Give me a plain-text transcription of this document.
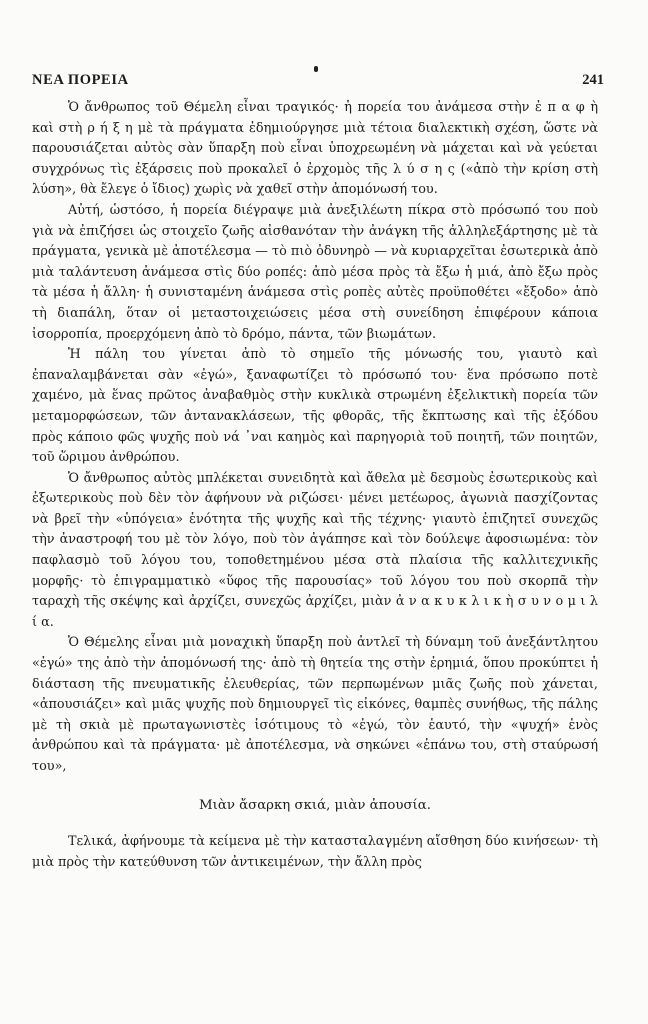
ΝΕΑ ΠΟΡΕΙΑ	241

Ὁ ἄνθρωπος τοῦ Θέμελη εἶναι τραγικός· ἡ πορεία του ἀνάμεσα στὴν ἐ π α φ ὴ καὶ στὴ ρ ή ξ η μὲ τὰ πράγματα ἐδημιούργησε μιὰ τέτοια διαλεκτικὴ σχέση, ὥστε νὰ παρουσιάζεται αὐτὸς σὰν ὕπαρξη ποὺ εἶναι ὑποχρεωμένη νὰ μάχεται καὶ νὰ γεύεται συγχρόνως τὶς ἐξάρσεις ποὺ προκαλεῖ ὁ ἐρχομὸς τῆς λ ύ σ η ς («ἀπὸ τὴν κρίση στὴ λύση», θὰ ἔλεγε ὁ ἴδιος) χωρὶς νὰ χαθεῖ στὴν ἀπομόνωσή του.

Αὐτή, ὡστόσο, ἡ πορεία διέγραψε μιὰ ἀνεξιλέωτη πίκρα στὸ πρόσωπό του ποὺ γιὰ νὰ ἐπιζήσει ὡς στοιχεῖο ζωῆς αἰσθανόταν τὴν ἀνάγκη τῆς ἀλληλεξάρτησης μὲ τὰ πράγματα, γενικὰ μὲ ἀποτέλεσμα — τὸ πιὸ ὀδυνηρὸ — νὰ κυριαρχεῖται ἐσωτερικὰ ἀπὸ μιὰ ταλάντευση ἀνάμεσα στὶς δύο ροπές: ἀπὸ μέσα πρὸς τὰ ἔξω ἡ μιά, ἀπὸ ἔξω πρὸς τὰ μέσα ἡ ἄλλη· ἡ συνισταμένη ἀνάμεσα στὶς ροπὲς αὐτὲς προϋποθέτει «ἔξοδο» ἀπὸ τὴ διαπάλη, ὅταν οἱ μεταστοιχειώσεις μέσα στὴ συνείδηση ἐπιφέρουν κάποια ἰσορροπία, προερχόμενη ἀπὸ τὸ δρόμο, πάντα, τῶν βιωμάτων.

Ἡ πάλη του γίνεται ἀπὸ τὸ σημεῖο τῆς μόνωσής του, γιαυτὸ καὶ ἐπαναλαμβάνεται σὰν «ἐγώ», ξαναφωτίζει τὸ πρόσωπό του· ἕνα πρόσωπο ποτὲ χαμένο, μὰ ἕνας πρῶτος ἀναβαθμὸς στὴν κυκλικὰ στρωμένη ἐξελικτικὴ πορεία τῶν μεταμορφώσεων, τῶν ἀντανακλάσεων, τῆς φθορᾶς, τῆς ἔκπτωσης καὶ τῆς ἐξόδου πρὸς κάποιο φῶς ψυχῆς ποὺ νά ᾽ναι καημὸς καὶ παρηγοριὰ τοῦ ποιητῆ, τῶν ποιητῶν, τοῦ ὥριμου ἀνθρώπου.

Ὁ ἄνθρωπος αὐτὸς μπλέκεται συνειδητὰ καὶ ἄθελα μὲ δεσμοὺς ἐσωτερικοὺς καὶ ἐξωτερικοὺς ποὺ δὲν τὸν ἀφήνουν νὰ ριζώσει· μένει μετέωρος, ἀγωνιὰ πασχίζοντας νὰ βρεῖ τὴν «ὑπόγεια» ἑνότητα τῆς ψυχῆς καὶ τῆς τέχνης· γιαυτὸ ἐπιζητεῖ συνεχῶς τὴν ἀναστροφή του μὲ τὸν λόγο, ποὺ τὸν ἀγάπησε καὶ τὸν δούλεψε ἀφοσιωμένα: τὸν παφλασμὸ τοῦ λόγου του, τοποθετημένου μέσα στὰ πλαίσια τῆς καλλιτεχνικῆς μορφῆς· τὸ ἐπιγραμματικὸ «ὕφος τῆς παρουσίας» τοῦ λόγου του ποὺ σκορπᾶ τὴν ταραχὴ τῆς σκέψης καὶ ἀρχίζει, συνεχῶς ἀρχίζει, μιὰν ἀ ν α κ υ κ λ ι κ ὴ σ υ ν ο μ ι λ ί α.

Ὁ Θέμελης εἶναι μιὰ μοναχικὴ ὕπαρξη ποὺ ἀντλεῖ τὴ δύναμη τοῦ ἀνεξάντλητου «ἐγώ» της ἀπὸ τὴν ἀπομόνωσή της· ἀπὸ τὴ θητεία της στὴν ἐρημιά, ὅπου προκύπτει ἡ διάσταση τῆς πνευματικῆς ἐλευθερίας, τῶν περπωμένων μιᾶς ζωῆς ποὺ χάνεται, «ἀπουσιάζει» καὶ μιᾶς ψυχῆς ποὺ δημιουργεῖ τὶς εἰκόνες, θαμπὲς συνήθως, τῆς πάλης μὲ τὴ σκιὰ μὲ πρωταγωνιστὲς ἰσότιμους τὸ «ἐγώ, τὸν ἑαυτό, τὴν «ψυχή» ἑνὸς ἀνθρώπου καὶ τὰ πράγματα· μὲ ἀποτέλεσμα, νὰ σηκώνει «ἐπάνω του, στὴ σταύρωσή του»,

Μιὰν ἄσαρκη σκιά, μιὰν ἀπουσία.

Τελικά, ἀφήνουμε τὰ κείμενα μὲ τὴν κατασταλαγμένη αἴσθηση δύο κινήσεων· τὴ μιὰ πρὸς τὴν κατεύθυνση τῶν ἀντικειμένων, τὴν ἄλλη πρὸς
